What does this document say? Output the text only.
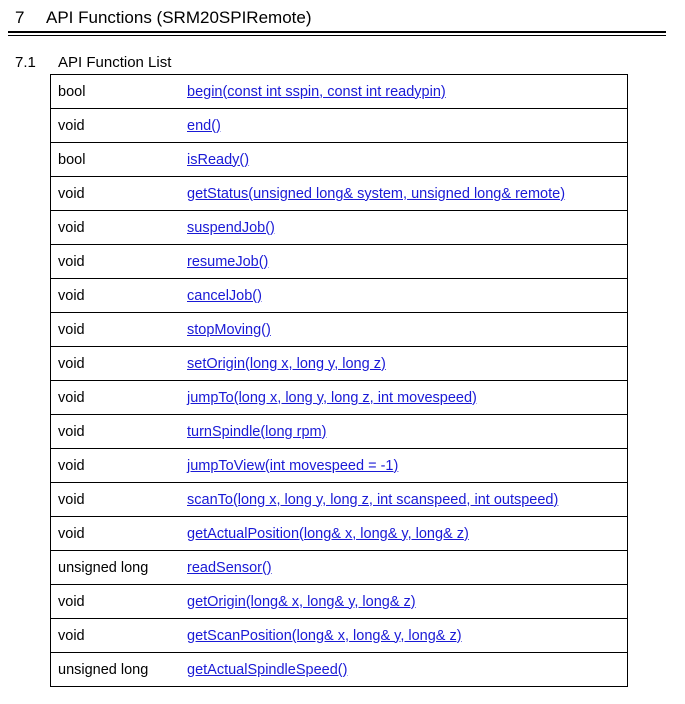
7 API Functions (SRM20SPIRemote)
7.1 API Function List
bool	begin(const int sspin, const int readypin)
void	end()
bool	isReady()
void	getStatus(unsigned long& system, unsigned long& remote)
void	suspendJob()
void	resumeJob()
void	cancelJob()
void	stopMoving()
void	setOrigin(long x, long y, long z)
void	jumpTo(long x, long y, long z, int movespeed)
void	turnSpindle(long rpm)
void	jumpToView(int movespeed = -1)
void	scanTo(long x, long y, long z, int scanspeed, int outspeed)
void	getActualPosition(long& x, long& y, long& z)
unsigned long	readSensor()
void	getOrigin(long& x, long& y, long& z)
void	getScanPosition(long& x, long& y, long& z)
unsigned long	getActualSpindleSpeed()
